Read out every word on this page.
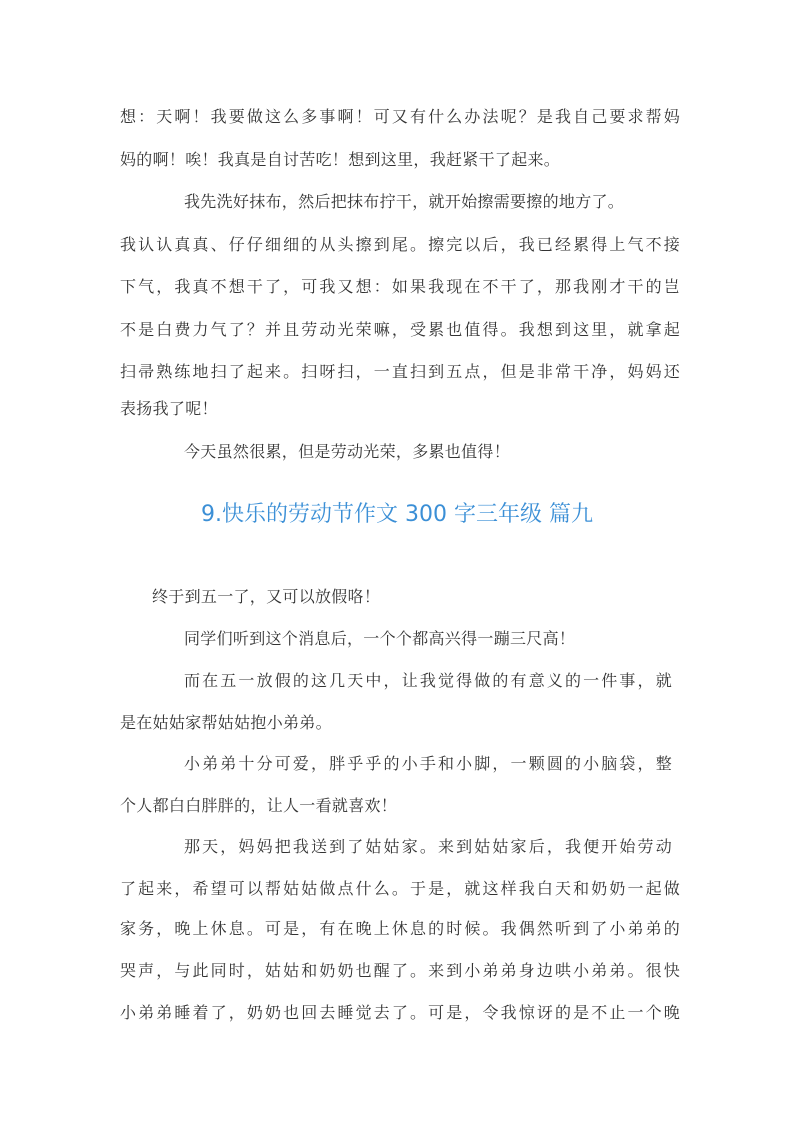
想：天啊！我要做这么多事啊！可又有什么办法呢？是我自己要求帮妈
妈的啊！唉！我真是自讨苦吃！想到这里，我赶紧干了起来。
我先洗好抹布，然后把抹布拧干，就开始擦需要擦的地方了。
我认认真真、仔仔细细的从头擦到尾。擦完以后，我已经累得上气不接
下气，我真不想干了，可我又想：如果我现在不干了，那我刚才干的岂
不是白费力气了？并且劳动光荣嘛，受累也值得。我想到这里，就拿起
扫帚熟练地扫了起来。扫呀扫，一直扫到五点，但是非常干净，妈妈还
表扬我了呢！
今天虽然很累，但是劳动光荣，多累也值得！
9.快乐的劳动节作文 300 字三年级 篇九
终于到五一了，又可以放假咯！
同学们听到这个消息后，一个个都高兴得一蹦三尺高！
而在五一放假的这几天中，让我觉得做的有意义的一件事，就
是在姑姑家帮姑姑抱小弟弟。
小弟弟十分可爱，胖乎乎的小手和小脚，一颗圆的小脑袋，整
个人都白白胖胖的，让人一看就喜欢！
那天，妈妈把我送到了姑姑家。来到姑姑家后，我便开始劳动
了起来，希望可以帮姑姑做点什么。于是，就这样我白天和奶奶一起做
家务，晚上休息。可是，有在晚上休息的时候。我偶然听到了小弟弟的
哭声，与此同时，姑姑和奶奶也醒了。来到小弟弟身边哄小弟弟。很快
小弟弟睡着了，奶奶也回去睡觉去了。可是，令我惊讶的是不止一个晚
